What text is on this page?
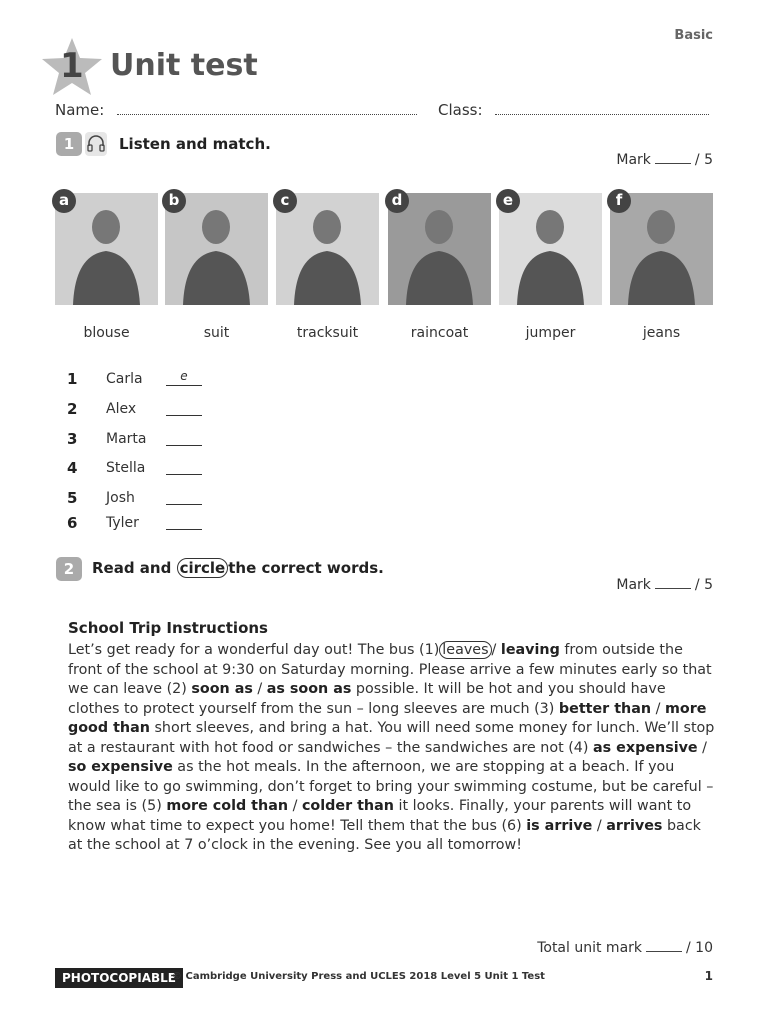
Basic
1 Unit test
Name:	Class:
1	Listen and match.
Mark	/ 5
a
blouse
b
suit
c
tracksuit
d
raincoat
e
jumper
f
jeans
1 Carla	e
2 Alex
3 Marta
4 Stella
5 Josh
6 Tyler
2	Read and circle the correct words.
Mark	/ 5
School Trip Instructions
Let’s get ready for a wonderful day out! The bus (1) leaves / leaving from outside the front of the school at 9:30 on Saturday morning. Please arrive a few minutes early so that we can leave (2) soon as / as soon as possible. It will be hot and you should have clothes to protect yourself from the sun – long sleeves are much (3) better than / more good than short sleeves, and bring a hat. You will need some money for lunch. We’ll stop at a restaurant with hot food or sandwiches – the sandwiches are not (4) as expensive / so expensive as the hot meals. In the afternoon, we are stopping at a beach. If you would like to go swimming, don’t forget to bring your swimming costume, but be careful – the sea is (5) more cold than / colder than it looks. Finally, your parents will want to know what time to expect you home! Tell them that the bus (6) is arrive / arrives back at the school at 7 o’clock in the evening. See you all tomorrow!
Total unit mark	/ 10
PHOTOCOPIABLE
© Cambridge University Press and UCLES 2018 Level 5 Unit 1 Test	1
